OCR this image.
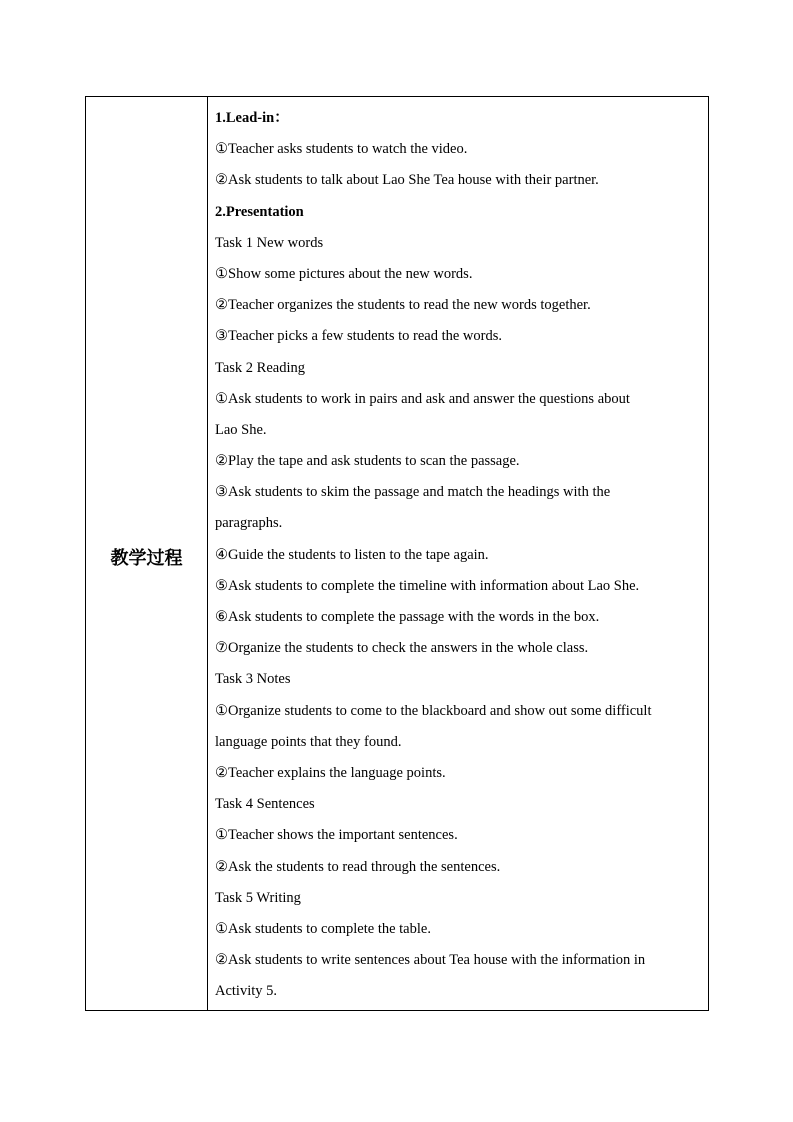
教学过程
1.Lead-in：
①Teacher asks students to watch the video.
②Ask students to talk about Lao She Tea house with their partner.
2.Presentation
Task 1 New words
①Show some pictures about the new words.
②Teacher organizes the students to read the new words together.
③Teacher picks a few students to read the words.
Task 2 Reading
①Ask students to work in pairs and ask and answer the questions about
Lao She.
②Play the tape and ask students to scan the passage.
③Ask students to skim the passage and match the headings with the
paragraphs.
④Guide the students to listen to the tape again.
⑤Ask students to complete the timeline with information about Lao She.
⑥Ask students to complete the passage with the words in the box.
⑦Organize the students to check the answers in the whole class.
Task 3 Notes
①Organize students to come to the blackboard and show out some difficult
language points that they found.
②Teacher explains the language points.
Task 4 Sentences
①Teacher shows the important sentences.
②Ask the students to read through the sentences.
Task 5 Writing
①Ask students to complete the table.
②Ask students to write sentences about Tea house with the information in
Activity 5.
